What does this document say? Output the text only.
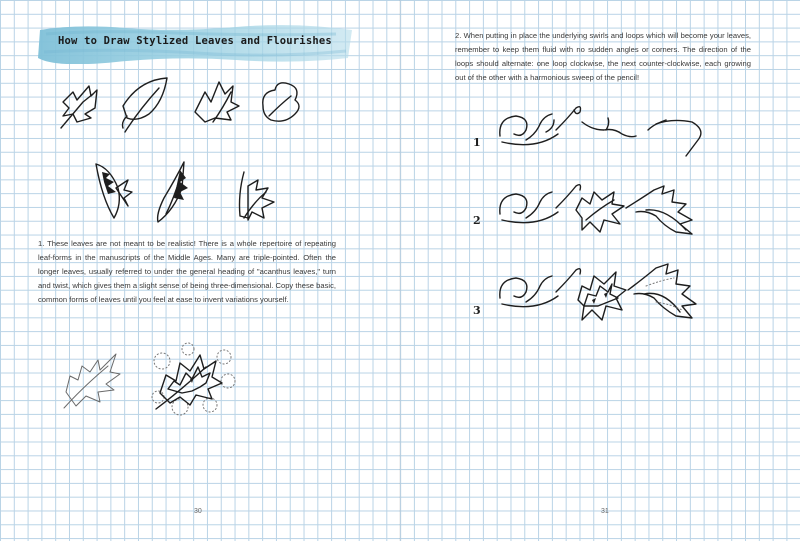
How to Draw Stylized Leaves and Flourishes

1. These leaves are not meant to be realistic! There is a whole repertoire of repeating leaf-forms in the manuscripts of the Middle Ages. Many are triple-pointed. Often the longer leaves, usually referred to under the general heading of "acanthus leaves," turn and twist, which gives them a slight sense of being three-dimensional. Copy these basic, common forms of leaves until you feel at ease to invent variations yourself.

30

2. When putting in place the underlying swirls and loops which will become your leaves, remember to keep them fluid with no sudden angles or corners. The direction of the loops should alternate: one loop clockwise, the next counter-clockwise, each growing out of the other with a harmonious sweep of the pencil!

1
2
3
31
